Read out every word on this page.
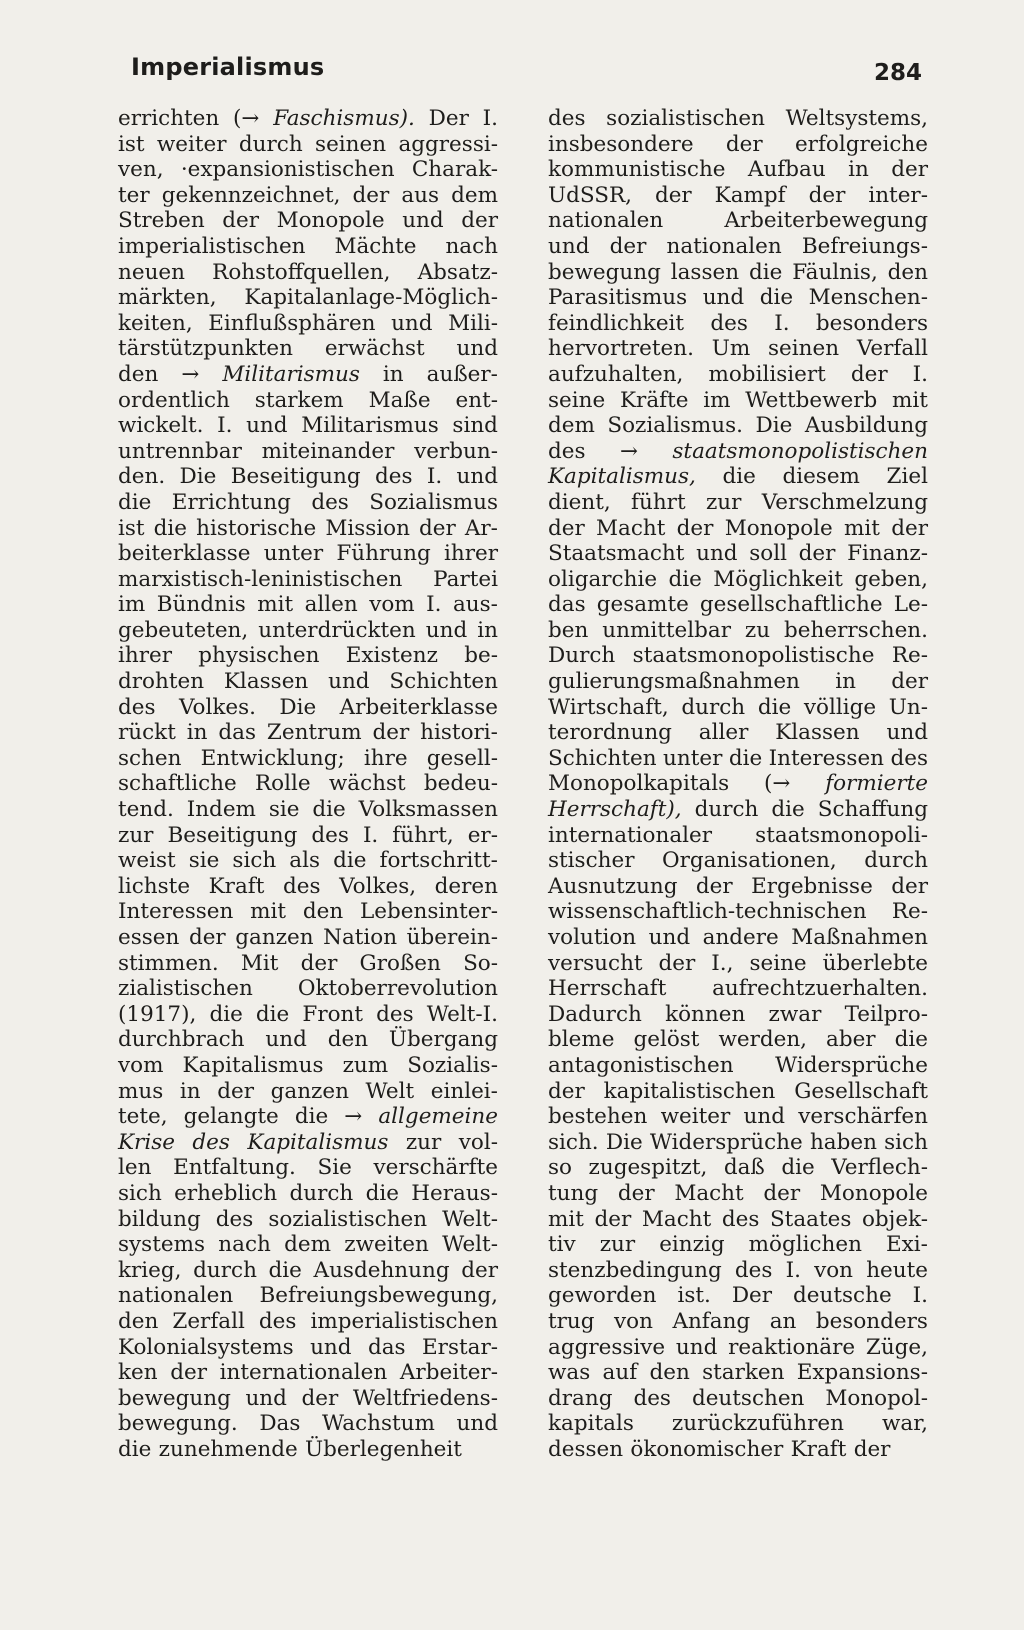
Imperialismus	284
errichten (→ Faschismus). Der I.
ist weiter durch seinen aggressi-
ven, ·expansionistischen Charak-
ter gekennzeichnet, der aus dem
Streben der Monopole und der
imperialistischen Mächte nach
neuen Rohstoffquellen, Absatz-
märkten, Kapitalanlage-Möglich-
keiten, Einflußsphären und Mili-
tärstützpunkten erwächst und
den → Militarismus in außer-
ordentlich starkem Maße ent-
wickelt. I. und Militarismus sind
untrennbar miteinander verbun-
den. Die Beseitigung des I. und
die Errichtung des Sozialismus
ist die historische Mission der Ar-
beiterklasse unter Führung ihrer
marxistisch-leninistischen Partei
im Bündnis mit allen vom I. aus-
gebeuteten, unterdrückten und in
ihrer physischen Existenz be-
drohten Klassen und Schichten
des Volkes. Die Arbeiterklasse
rückt in das Zentrum der histori-
schen Entwicklung; ihre gesell-
schaftliche Rolle wächst bedeu-
tend. Indem sie die Volksmassen
zur Beseitigung des I. führt, er-
weist sie sich als die fortschritt-
lichste Kraft des Volkes, deren
Interessen mit den Lebensinter-
essen der ganzen Nation überein-
stimmen. Mit der Großen So-
zialistischen Oktoberrevolution
(1917), die die Front des Welt-I.
durchbrach und den Übergang
vom Kapitalismus zum Sozialis-
mus in der ganzen Welt einlei-
tete, gelangte die → allgemeine
Krise des Kapitalismus zur vol-
len Entfaltung. Sie verschärfte
sich erheblich durch die Heraus-
bildung des sozialistischen Welt-
systems nach dem zweiten Welt-
krieg, durch die Ausdehnung der
nationalen Befreiungsbewegung,
den Zerfall des imperialistischen
Kolonialsystems und das Erstar-
ken der internationalen Arbeiter-
bewegung und der Weltfriedens-
bewegung. Das Wachstum und
die zunehmende Überlegenheit
des sozialistischen Weltsystems,
insbesondere der erfolgreiche
kommunistische Aufbau in der
UdSSR, der Kampf der inter-
nationalen	Arbeiterbewegung
und der nationalen Befreiungs-
bewegung lassen die Fäulnis, den
Parasitismus und die Menschen-
feindlichkeit des I. besonders
hervortreten. Um seinen Verfall
aufzuhalten, mobilisiert der I.
seine Kräfte im Wettbewerb mit
dem Sozialismus. Die Ausbildung
des → staatsmonopolistischen
Kapitalismus, die diesem Ziel
dient, führt zur Verschmelzung
der Macht der Monopole mit der
Staatsmacht und soll der Finanz-
oligarchie die Möglichkeit geben,
das gesamte gesellschaftliche Le-
ben unmittelbar zu beherrschen.
Durch staatsmonopolistische Re-
gulierungsmaßnahmen in der
Wirtschaft, durch die völlige Un-
terordnung aller Klassen und
Schichten unter die Interessen des
Monopolkapitals (→ formierte
Herrschaft), durch die Schaffung
internationaler staatsmonopoli-
stischer Organisationen, durch
Ausnutzung der Ergebnisse der
wissenschaftlich-technischen Re-
volution und andere Maßnahmen
versucht der I., seine überlebte
Herrschaft aufrechtzuerhalten.
Dadurch können zwar Teilpro-
bleme gelöst werden, aber die
antagonistischen Widersprüche
der kapitalistischen Gesellschaft
bestehen weiter und verschärfen
sich. Die Widersprüche haben sich
so zugespitzt, daß die Verflech-
tung der Macht der Monopole
mit der Macht des Staates objek-
tiv zur einzig möglichen Exi-
stenzbedingung des I. von heute
geworden ist. Der deutsche I.
trug von Anfang an besonders
aggressive und reaktionäre Züge,
was auf den starken Expansions-
drang des deutschen Monopol-
kapitals zurückzuführen war,
dessen ökonomischer Kraft der
